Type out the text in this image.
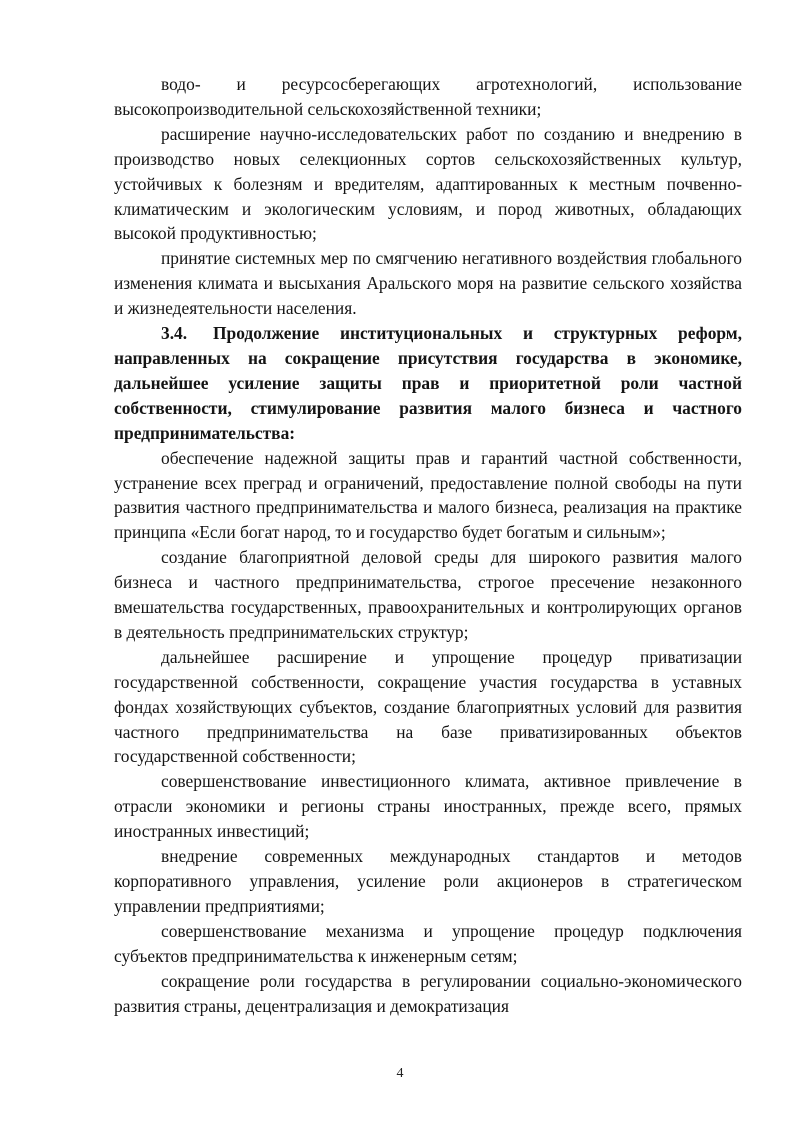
водо- и ресурсосберегающих агротехнологий, использование высокопроизводительной сельскохозяйственной техники;

расширение научно-исследовательских работ по созданию и внедрению в производство новых селекционных сортов сельскохозяйственных культур, устойчивых к болезням и вредителям, адаптированных к местным почвенно-климатическим и экологическим условиям, и пород животных, обладающих высокой продуктивностью;

принятие системных мер по смягчению негативного воздействия глобального изменения климата и высыхания Аральского моря на развитие сельского хозяйства и жизнедеятельности населения.

3.4. Продолжение институциональных и структурных реформ, направленных на сокращение присутствия государства в экономике, дальнейшее усиление защиты прав и приоритетной роли частной собственности, стимулирование развития малого бизнеса и частного предпринимательства:

обеспечение надежной защиты прав и гарантий частной собственности, устранение всех преград и ограничений, предоставление полной свободы на пути развития частного предпринимательства и малого бизнеса, реализация на практике принципа «Если богат народ, то и государство будет богатым и сильным»;

создание благоприятной деловой среды для широкого развития малого бизнеса и частного предпринимательства, строгое пресечение незаконного вмешательства государственных, правоохранительных и контролирующих органов в деятельность предпринимательских структур;

дальнейшее расширение и упрощение процедур приватизации государственной собственности, сокращение участия государства в уставных фондах хозяйствующих субъектов, создание благоприятных условий для развития частного предпринимательства на базе приватизированных объектов государственной собственности;

совершенствование инвестиционного климата, активное привлечение в отрасли экономики и регионы страны иностранных, прежде всего, прямых иностранных инвестиций;

внедрение современных международных стандартов и методов корпоративного управления, усиление роли акционеров в стратегическом управлении предприятиями;

совершенствование механизма и упрощение процедур подключения субъектов предпринимательства к инженерным сетям;

сокращение роли государства в регулировании социально-экономического развития страны, децентрализация и демократизация

4
